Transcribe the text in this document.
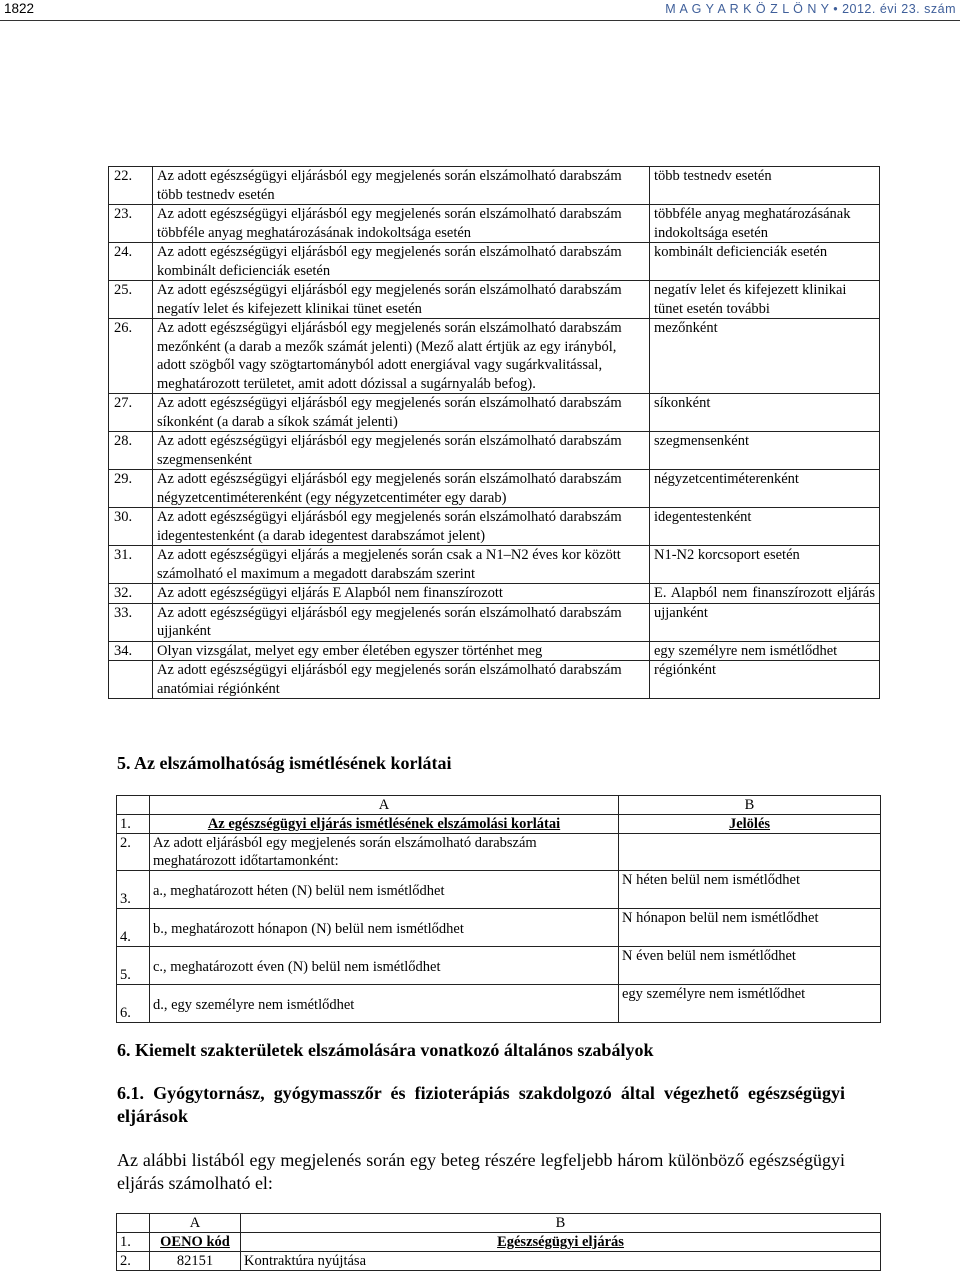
1822	M A G Y A R K Ö Z L Ö N Y • 2012. évi 23. szám
22.	Az adott egészségügyi eljárásból egy megjelenés során elszámolható darabszám több testnedv esetén	több testnedv esetén
23.	Az adott egészségügyi eljárásból egy megjelenés során elszámolható darabszám többféle anyag meghatározásának indokoltsága esetén	többféle anyag meghatározásának indokoltsága esetén
24.	Az adott egészségügyi eljárásból egy megjelenés során elszámolható darabszám kombinált deficienciák esetén	kombinált deficienciák esetén
25.	Az adott egészségügyi eljárásból egy megjelenés során elszámolható darabszám negatív lelet és kifejezett klinikai tünet esetén	negatív lelet és kifejezett klinikai tünet esetén további
26.	Az adott egészségügyi eljárásból egy megjelenés során elszámolható darabszám mezőnként (a darab a mezők számát jelenti) (Mező alatt értjük az egy irányból, adott szögből vagy szögtartományból adott energiával vagy sugárkvalitással, meghatározott területet, amit adott dózissal a sugárnyaláb befog).	mezőnként
27.	Az adott egészségügyi eljárásból egy megjelenés során elszámolható darabszám síkonként (a darab a síkok számát jelenti)	síkonként
28.	Az adott egészségügyi eljárásból egy megjelenés során elszámolható darabszám szegmensenként	szegmensenként
29.	Az adott egészségügyi eljárásból egy megjelenés során elszámolható darabszám négyzetcentiméterenként (egy négyzetcentiméter egy darab)	négyzetcentiméterenként
30.	Az adott egészségügyi eljárásból egy megjelenés során elszámolható darabszám idegentestenként (a darab idegentest darabszámot jelent)	idegentestenként
31.	Az adott egészségügyi eljárás a megjelenés során csak a N1–N2 éves kor között számolható el maximum a megadott darabszám szerint	N1-N2 korcsoport esetén
32.	Az adott egészségügyi eljárás E Alapból nem finanszírozott	E. Alapból nem finanszírozott eljárás
33.	Az adott egészségügyi eljárásból egy megjelenés során elszámolható darabszám ujjanként	ujjanként
34.	Olyan vizsgálat, melyet egy ember életében egyszer történhet meg	egy személyre nem ismétlődhet
	Az adott egészségügyi eljárásból egy megjelenés során elszámolható darabszám anatómiai régiónként	régiónként
5. Az elszámolhatóság ismétlésének korlátai
	A	B
1.	Az egészségügyi eljárás ismétlésének elszámolási korlátai	Jelölés
2.	Az adott eljárásból egy megjelenés során elszámolható darabszám meghatározott időtartamonként:	
3.	a., meghatározott héten (N) belül nem ismétlődhet	N héten belül nem ismétlődhet
4.	b., meghatározott hónapon (N) belül nem ismétlődhet	N hónapon belül nem ismétlődhet
5.	c., meghatározott éven (N) belül nem ismétlődhet	N éven belül nem ismétlődhet
6.	d., egy személyre nem ismétlődhet	egy személyre nem ismétlődhet
6. Kiemelt szakterületek elszámolására vonatkozó általános szabályok
6.1. Gyógytornász, gyógymasszőr és fizioterápiás szakdolgozó által végezhető egészségügyi eljárások

Az alábbi listából egy megjelenés során egy beteg részére legfeljebb három különböző egészségügyi eljárás számolható el:

	A	B
1.	OENO kód	Egészségügyi eljárás
2.	82151	Kontraktúra nyújtása
